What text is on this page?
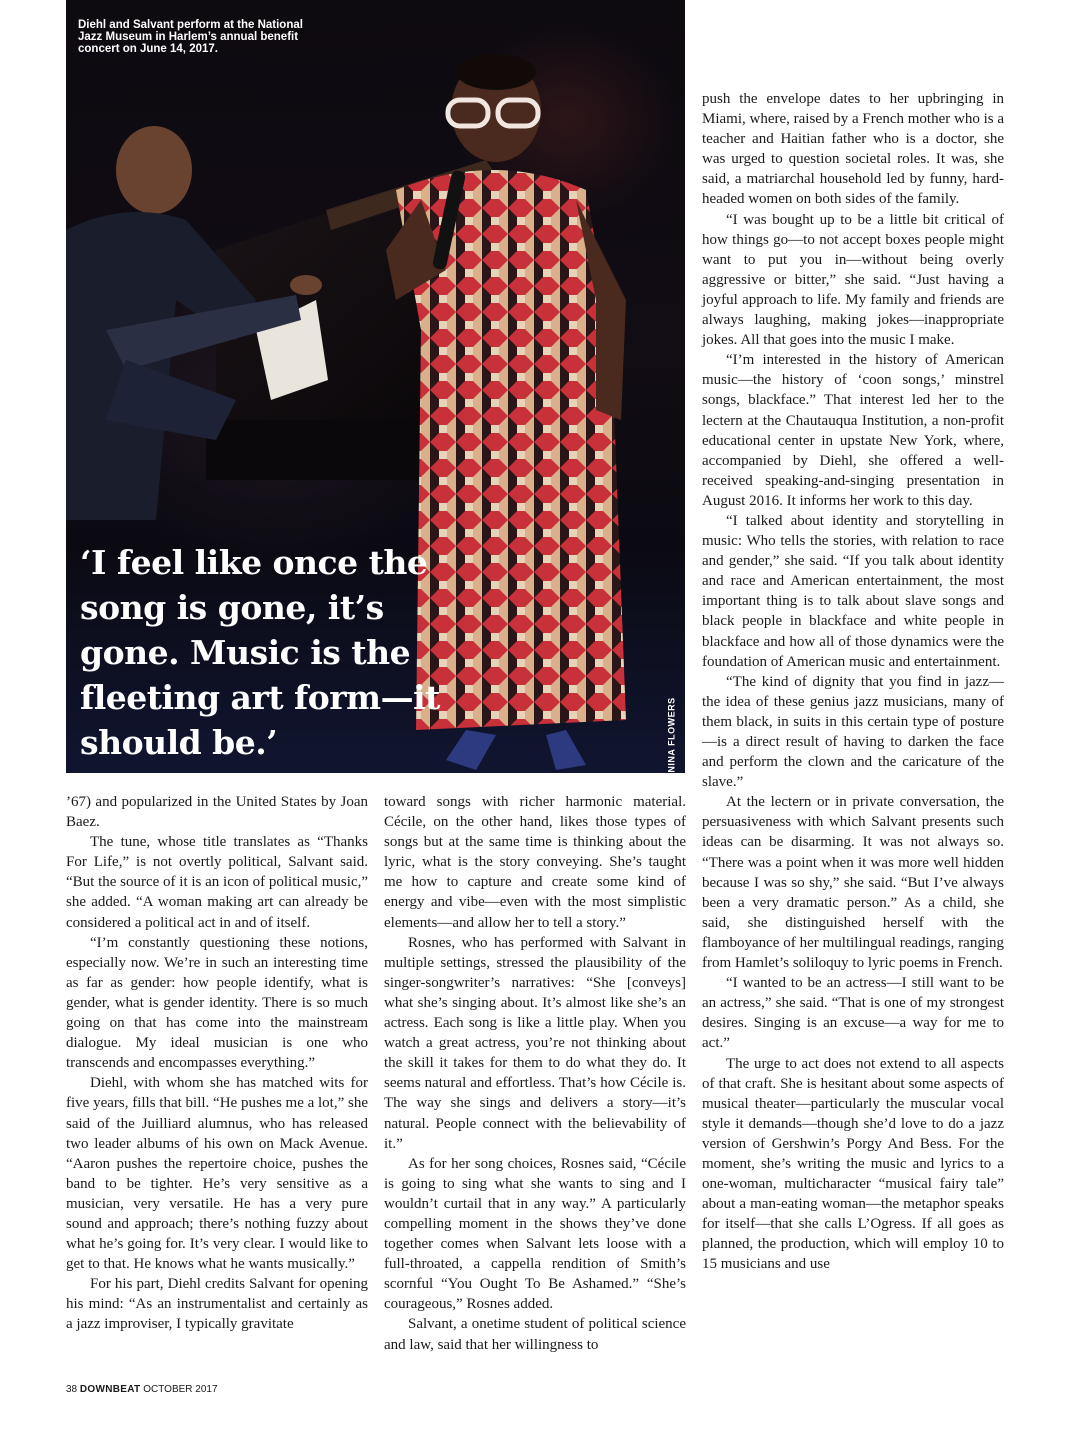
Diehl and Salvant perform at the National Jazz Museum in Harlem’s annual benefit concert on June 14, 2017.
‘I feel like once the song is gone, it’s gone. Music is the fleeting art form—it should be.’	NINA FLOWERS

’67) and popularized in the United States by Joan Baez.

The tune, whose title translates as “Thanks For Life,” is not overtly political, Salvant said. “But the source of it is an icon of political music,” she added. “A woman making art can already be considered a political act in and of itself.

“I’m constantly questioning these notions, especially now. We’re in such an interesting time as far as gender: how people identify, what is gender, what is gender identity. There is so much going on that has come into the mainstream dialogue. My ideal musician is one who transcends and encompasses everything.”

Diehl, with whom she has matched wits for five years, fills that bill. “He pushes me a lot,” she said of the Juilliard alumnus, who has released two leader albums of his own on Mack Avenue. “Aaron pushes the repertoire choice, pushes the band to be tighter. He’s very sensitive as a musician, very versatile. He has a very pure sound and approach; there’s nothing fuzzy about what he’s going for. It’s very clear. I would like to get to that. He knows what he wants musically.”

For his part, Diehl credits Salvant for opening his mind: “As an instrumentalist and certainly as a jazz improviser, I typically gravitate

toward songs with richer harmonic material. Cécile, on the other hand, likes those types of songs but at the same time is thinking about the lyric, what is the story conveying. She’s taught me how to capture and create some kind of energy and vibe—even with the most simplistic elements—and allow her to tell a story.”

Rosnes, who has performed with Salvant in multiple settings, stressed the plausibility of the singer-songwriter’s narratives: “She [conveys] what she’s singing about. It’s almost like she’s an actress. Each song is like a little play. When you watch a great actress, you’re not thinking about the skill it takes for them to do what they do. It seems natural and effortless. That’s how Cécile is. The way she sings and delivers a story—it’s natural. People connect with the believability of it.”

As for her song choices, Rosnes said, “Cécile is going to sing what she wants to sing and I wouldn’t curtail that in any way.” A particularly compelling moment in the shows they’ve done together comes when Salvant lets loose with a full-throated, a cappella rendition of Smith’s scornful “You Ought To Be Ashamed.” “She’s courageous,” Rosnes added.

Salvant, a onetime student of political science and law, said that her willingness to

push the envelope dates to her upbringing in Miami, where, raised by a French mother who is a teacher and Haitian father who is a doctor, she was urged to question societal roles. It was, she said, a matriarchal household led by funny, hard-headed women on both sides of the family.

“I was bought up to be a little bit critical of how things go—to not accept boxes people might want to put you in—without being overly aggressive or bitter,” she said. “Just having a joyful approach to life. My family and friends are always laughing, making jokes—inappropriate jokes. All that goes into the music I make.

“I’m interested in the history of American music—the history of ‘coon songs,’ minstrel songs, blackface.” That interest led her to the lectern at the Chautauqua Institution, a non-profit educational center in upstate New York, where, accompanied by Diehl, she offered a well-received speaking-and-singing presentation in August 2016. It informs her work to this day.

“I talked about identity and storytelling in music: Who tells the stories, with relation to race and gender,” she said. “If you talk about identity and race and American entertainment, the most important thing is to talk about slave songs and black people in blackface and white people in blackface and how all of those dynamics were the foundation of American music and entertainment.

“The kind of dignity that you find in jazz—the idea of these genius jazz musicians, many of them black, in suits in this certain type of posture—is a direct result of having to darken the face and perform the clown and the caricature of the slave.”

At the lectern or in private conversation, the persuasiveness with which Salvant presents such ideas can be disarming. It was not always so. “There was a point when it was more well hidden because I was so shy,” she said. “But I’ve always been a very dramatic person.” As a child, she said, she distinguished herself with the flamboyance of her multilingual readings, ranging from Hamlet’s soliloquy to lyric poems in French.

“I wanted to be an actress—I still want to be an actress,” she said. “That is one of my strongest desires. Singing is an excuse—a way for me to act.”

The urge to act does not extend to all aspects of that craft. She is hesitant about some aspects of musical theater—particularly the muscular vocal style it demands—though she’d love to do a jazz version of Gershwin’s Porgy And Bess. For the moment, she’s writing the music and lyrics to a one-woman, multicharacter “musical fairy tale” about a man-eating woman—the metaphor speaks for itself—that she calls L’Ogress. If all goes as planned, the production, which will employ 10 to 15 musicians and use

38 DOWNBEAT OCTOBER 2017
